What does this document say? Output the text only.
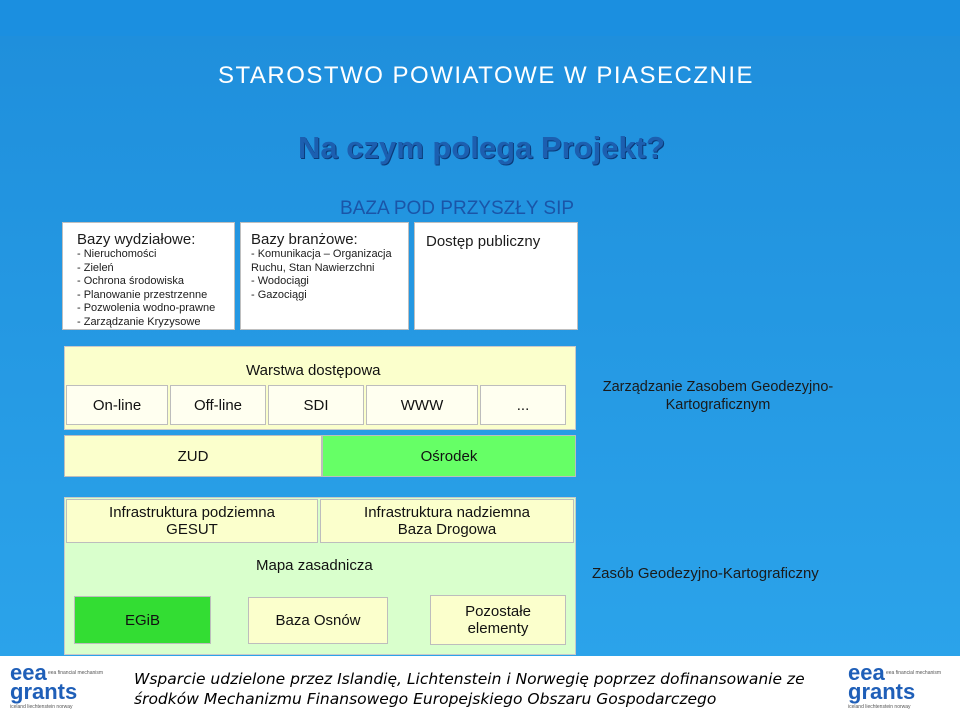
STAROSTWO POWIATOWE W PIASECZNIE
Na czym polega Projekt?
BAZA POD PRZYSZŁY SIP
Bazy wydziałowe:
- Nieruchomości
- Zieleń
- Ochrona środowiska
- Planowanie przestrzenne
- Pozwolenia wodno-prawne
- Zarządzanie Kryzysowe
Bazy branżowe:
- Komunikacja – Organizacja
Ruchu, Stan Nawierzchni
- Wodociągi
- Gazociągi
Dostęp publiczny
Warstwa dostępowa
On-line	Off-line	SDI	WWW	...
Zarządzanie Zasobem Geodezyjno-
Kartograficznym
ZUD	Ośrodek
Infrastruktura podziemna
GESUT
Infrastruktura nadziemna
Baza Drogowa
Mapa zasadnicza
EGiB	Baza Osnów
Pozostałe
elementy
Zasób Geodezyjno-Kartograficzny
eea eea financial mechanism
grants
iceland liechtenstein norway
Wsparcie udzielone przez Islandię, Lichtenstein i Norwegię poprzez dofinansowanie ze
środków Mechanizmu Finansowego Europejskiego Obszaru Gospodarczego
eea eea financial mechanism
grants
iceland liechtenstein norway
